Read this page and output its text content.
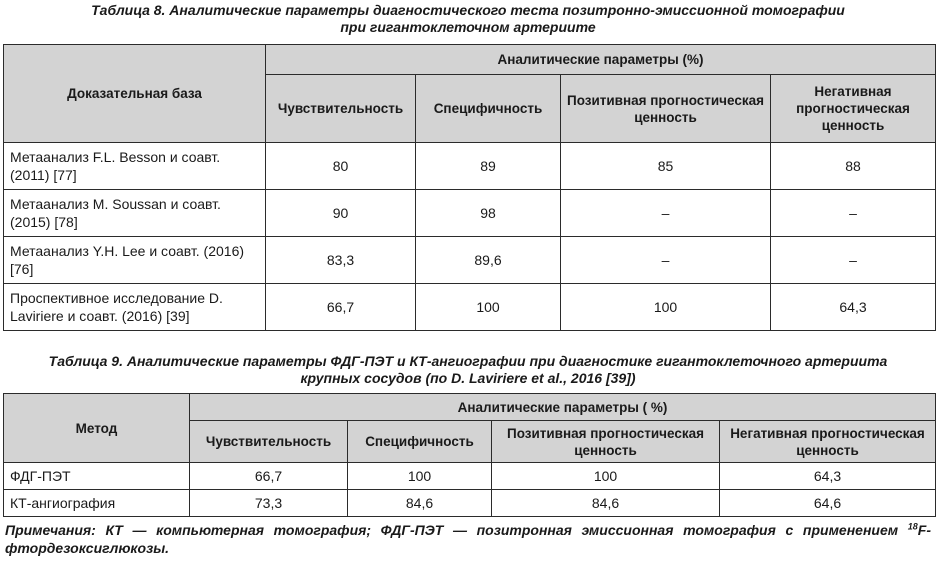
Таблица 8. Аналитические параметры диагностического теста позитронно-эмиссионной томографии
при гигантоклеточном артериите
Доказательная база	Аналитические параметры (%)			
	Чувствительность	Специфичность	Позитивная прогностическая ценность	Негативная прогностическая ценность
Метаанализ F.L. Besson и соавт. (2011) [77]	80	89	85	88
Метаанализ M. Soussan и соавт. (2015) [78]	90	98	–	–
Метаанализ Y.H. Lee и соавт. (2016) [76]	83,3	89,6	–	–
Проспективное исследование D. Laviriere и соавт. (2016) [39]	66,7	100	100	64,3
Таблица 9. Аналитические параметры ФДГ-ПЭТ и КТ-ангиографии при диагностике гигантоклеточного артериита
крупных сосудов (по D. Laviriere et al., 2016 [39])
Метод	Аналитические параметры ( %)			
	Чувствительность	Специфичность	Позитивная прогностическая ценность	Негативная прогностическая ценность
ФДГ-ПЭТ	66,7	100	100	64,3
КТ-ангиография	73,3	84,6	84,6	64,6
Примечания: КТ — компьютерная томография; ФДГ-ПЭТ — позитронная эмиссионная томография с применением $^{18}$F-фтордезоксиглюкозы.
